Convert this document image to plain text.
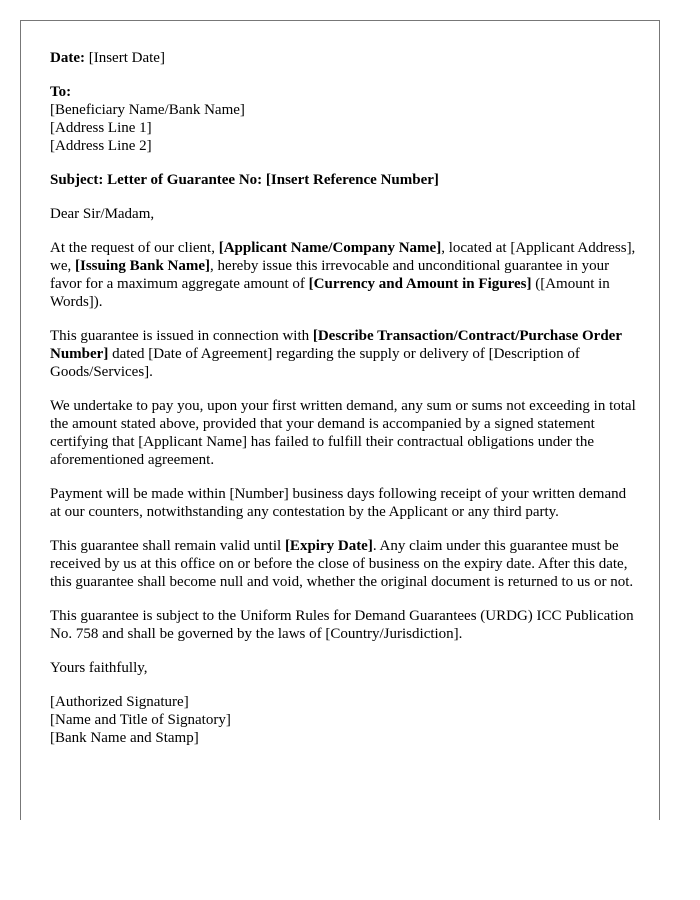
Date: [Insert Date]

To:
[Beneficiary Name/Bank Name]
[Address Line 1]
[Address Line 2]

Subject: Letter of Guarantee No: [Insert Reference Number]

Dear Sir/Madam,

At the request of our client, [Applicant Name/Company Name], located at [Applicant Address], we, [Issuing Bank Name], hereby issue this irrevocable and unconditional guarantee in your favor for a maximum aggregate amount of [Currency and Amount in Figures] ([Amount in Words]).

This guarantee is issued in connection with [Describe Transaction/Contract/Purchase Order Number] dated [Date of Agreement] regarding the supply or delivery of [Description of Goods/Services].

We undertake to pay you, upon your first written demand, any sum or sums not exceeding in total the amount stated above, provided that your demand is accompanied by a signed statement certifying that [Applicant Name] has failed to fulfill their contractual obligations under the aforementioned agreement.

Payment will be made within [Number] business days following receipt of your written demand at our counters, notwithstanding any contestation by the Applicant or any third party.

This guarantee shall remain valid until [Expiry Date]. Any claim under this guarantee must be received by us at this office on or before the close of business on the expiry date. After this date, this guarantee shall become null and void, whether the original document is returned to us or not.

This guarantee is subject to the Uniform Rules for Demand Guarantees (URDG) ICC Publication No. 758 and shall be governed by the laws of [Country/Jurisdiction].

Yours faithfully,

[Authorized Signature]
[Name and Title of Signatory]
[Bank Name and Stamp]
